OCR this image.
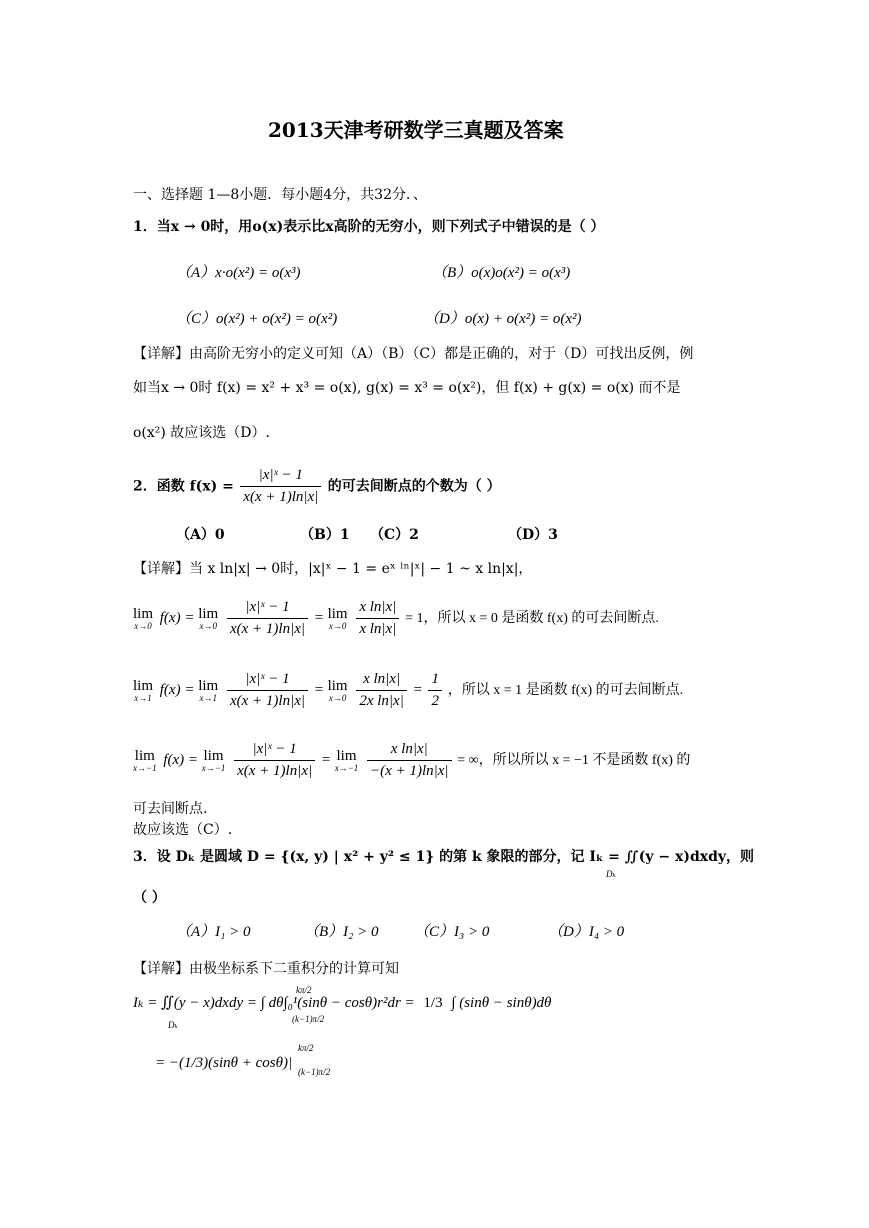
2013天津考研数学三真题及答案
一、选择题 1—8小题．每小题4分，共32分．、
1．当x → 0时，用o(x)表示比x高阶的无穷小，则下列式子中错误的是（ ）
（A）x·o(x²) = o(x³)	（B）o(x)o(x²) = o(x³)
（C）o(x²) + o(x²) = o(x²)	（D）o(x) + o(x²) = o(x²)
【详解】由高阶无穷小的定义可知（A）（B）（C）都是正确的，对于（D）可找出反例，例
如当x → 0时 f(x) = x² + x³ = o(x), g(x) = x³ = o(x²)，但 f(x) + g(x) = o(x) 而不是
o(x²) 故应该选（D）.
2．函数 $f(x) = \frac{\text{|x|ˣ − 1}}{x(x + 1)\ln|x|}$ 的可去间断点的个数为（ ）
（A）0	（B）1 （C）2	（D）3
【详解】当 x ln|x| → 0时，|x|ˣ − 1 = eˣ ˡⁿ|ˣ| − 1 ~ x ln|x|，
lim
x→0 f(x) = lim
x→0
$\frac{\text{|x|ˣ − 1}}{x(x + 1)\ln|x|} = \lim$
x→0
$\frac{\text{x ln|x|}}{\text{x ln|x|}} = 1$，所以 x = 0 是函数 f(x) 的可去间断点.
lim
x→1 f(x) = lim
x→1
$\frac{\text{|x|ˣ − 1}}{x(x + 1)\ln|x|} = \lim$
x→0
$\frac{\text{x ln|x|}}{\text{2x ln|x|}} = \frac{1}{2}$ ，所以 x = 1 是函数 f(x) 的可去间断点.
lim
x→−1 f(x) = lim
x→−1
$\frac{\text{|x|ˣ − 1}}{x(x + 1)\ln|x|} = \lim$
x→−1
$\frac{\text{x ln|x|}}{-(x + 1)\ln|x|}$ = ∞，所以所以 x = −1 不是函数 f(x) 的
可去间断点.
故应该选（C）.
3．设 Dₖ 是圆域 D = {(x, y) | x² + y² ≤ 1} 的第 k 象限的部分，记 Iₖ = ∬(y − x)dxdy，则
Dₖ
（ ）
（A）I₁ > 0	（B）I₂ > 0 （C）I₃ > 0	（D）I₄ > 0
【详解】由极坐标系下二重积分的计算可知
Iₖ = ∬(y − x)dxdy = ∫ dθ∫₀¹(sinθ − cosθ)r²dr = 1/3 ∫ (sinθ − sinθ)dθ
Dₖ
kπ/2
(k−1)π/2
= −(1/3)(sinθ + cosθ)|
kπ/2
(k−1)π/2
